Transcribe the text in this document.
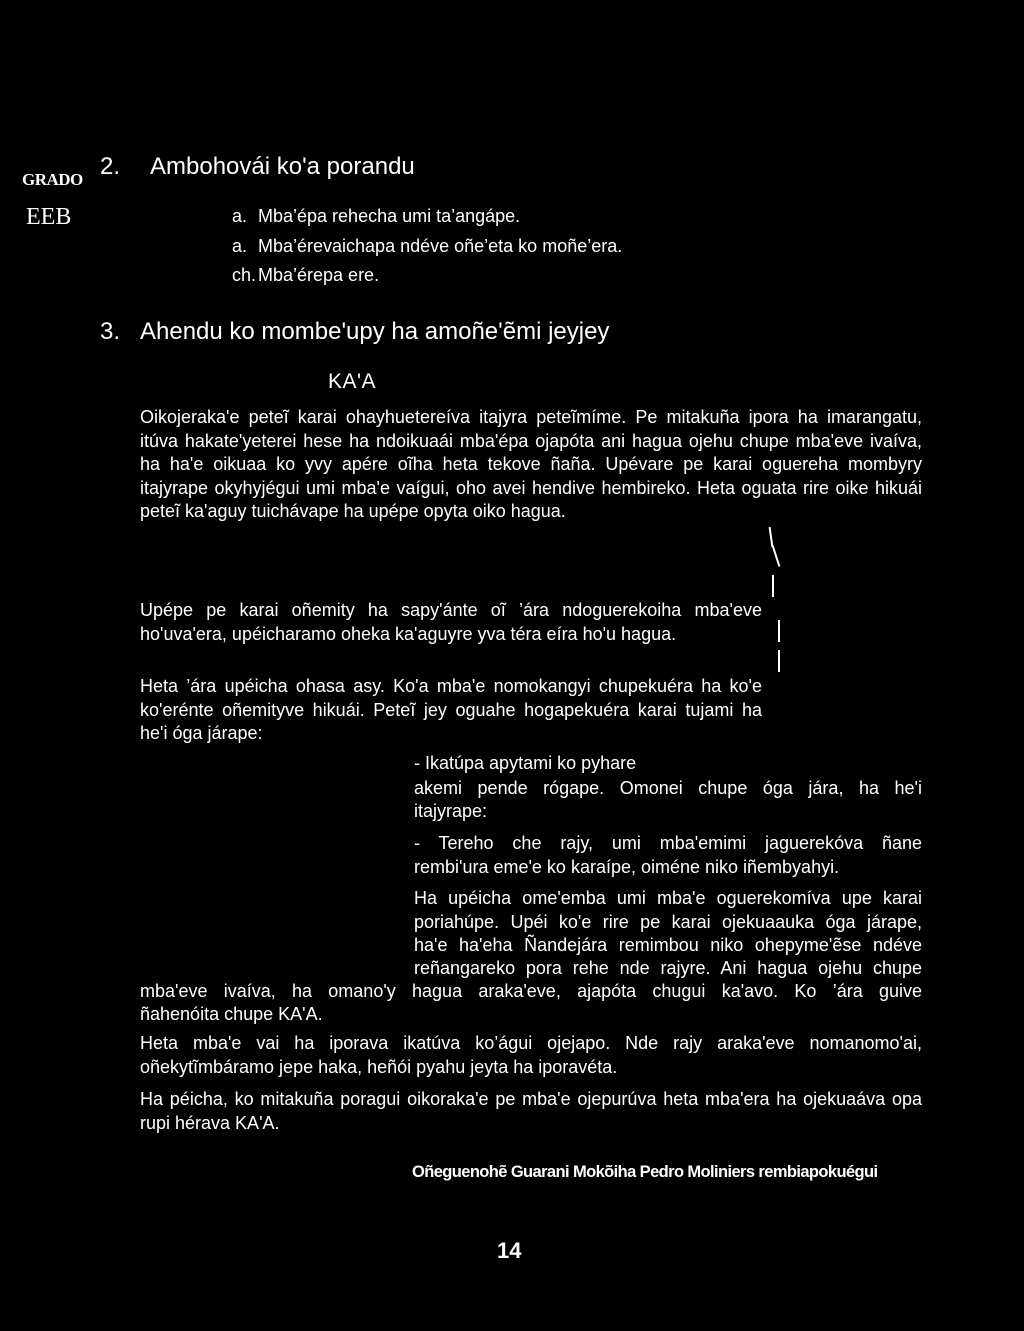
GRADO
EEB
2. Ambohovái ko'a porandu
a. Mba’épa rehecha umi ta’angápe.
a. Mba’érevaichapa ndéve oñe’eta ko moñe’era.
ch. Mba’érepa ere.
3. Ahendu ko mombe'upy ha amoñe'ẽmi jeyjey
KA'A
Oikojeraka'e peteĩ karai ohayhuetereíva itajyra peteĩmíme. Pe mitakuña ipora ha imarangatu, itúva hakate'yeterei hese ha ndoikuaái mba'épa ojapóta ani hagua ojehu chupe mba'eve ivaíva, ha ha'e oikuaa ko yvy apére oĩha heta tekove ñaña. Upévare pe karai oguereha mombyry itajyrape okyhyjégui umi mba'e vaígui, oho avei hendive hembireko. Heta oguata rire oike hikuái peteĩ ka'aguy tuichávape ha upépe opyta oiko hagua.
Upépe pe karai oñemity ha sapy'ánte oĩ ’ára ndoguerekoiha mba'eve ho'uva'era, upéicharamo oheka ka'aguyre yva téra eíra ho'u hagua.
Heta ’ára upéicha ohasa asy. Ko'a mba'e nomokangyi chupekuéra ha ko'e ko'erénte oñemityve hikuái. Peteĩ jey oguahe hogapekuéra karai tujami ha he'i óga járape:
- Ikatúpa apytami ko pyhare
akemi pende rógape. Omonei chupe óga jára, ha he'i
itajyrape:
- Tereho che rajy, umi mba'emimi jaguerekóva ñane
rembi'ura eme'e ko karaípe, oiméne niko iñembyahyi.
Ha upéicha ome'emba umi mba'e oguerekomíva upe karai
poriahúpe. Upéi ko'e rire pe karai ojekuaauka óga járape,
ha'e ha'eha Ñandejára remimbou niko ohepyme'ẽse ndéve
reñangareko pora rehe nde rajyre. Ani hagua ojehu chupe
mba'eve ivaíva, ha omano'y hagua araka'eve, ajapóta chugui ka'avo. Ko ’ára guive
ñahenóita chupe KA'A.
Heta mba'e vai ha iporava ikatúva ko’águi ojejapo. Nde rajy araka'eve nomanomo'ai, oñekytĩmbáramo jepe haka, heñói pyahu jeyta ha iporavéta.
Ha péicha, ko mitakuña poragui oikoraka'e pe mba'e ojepurúva heta mba'era ha ojekuaáva opa rupi hérava KA'A.
Oñeguenohẽ Guarani Mokõiha Pedro Moliniers rembiapokuégui
14
